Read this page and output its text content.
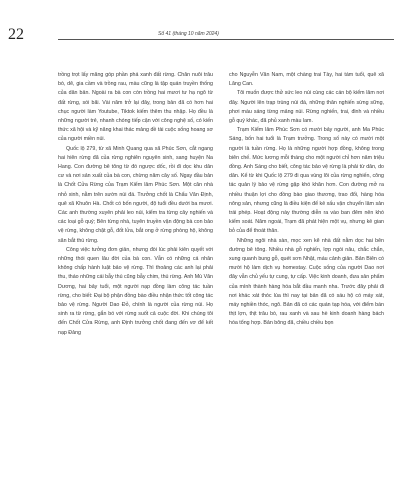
22	Số 41 (tháng 10 năm 2024)

trồng trọt lấy măng góp phần phá xanh đất rừng. Chăn nuôi trâu bò, dê, gia cầm và trồng rau, màu cũng là tập quán truyền thống của dân bản. Ngoài ra bà con còn trồng hai mươi tư hạ ngô từ đất rừng, sói bãi. Vài năm trở lại đây, trong bản đã có hơn hai chục người làm Youtube, Tiktok kiếm thêm thu nhập. Họ đều là những người trẻ, nhanh chóng tiếp cận với công nghệ số, có kiến thức xã hội và kỹ năng khai thác mảng đề tài cuộc sống hoang sơ của người miền núi.

Quốc lộ 279, từ xã Minh Quang qua xã Phúc Sơn, cắt ngang hai hiên rừng đã của rừng nghiên nguyên sinh, sang huyện Na Hang. Con đường bê tông từ đó ngược dốc, rồi đi dọc khu dân cư và nơi sản xuất của bà con, chừng năm cây số. Ngay đầu bản là Chốt Cửa Rừng của Trạm Kiểm lâm Phúc Sơn. Một căn nhà nhỏ xinh, nằm trên sườn núi đá. Trưởng chốt là Chẩu Văn Định, quê xã Khuôn Hà. Chốt có bốn người, độ tuổi đều dưới ba mươi. Các anh thường xuyên phải leo núi, kiểm tra từng cây nghiến và các loại gỗ quý; Bên từng nhà, tuyên truyền vận động bà con bảo vệ rừng, không chặt gỗ, đốt lửa, bắt ong ở rừng phòng hộ, không săn bắt thú rừng.

Công việc tưởng đơn giản, nhưng đòi lúc phải kiên quyết với những thói quen lâu đời của bà con. Vẫn có những cá nhân không chấp hành luật bảo vệ rừng. Thì thoảng các anh lại phải thu, tháo những cái bẫy thú cũng bẫy chim, thú rừng. Anh Mù Văn Dương, hai bảy tuổi, một người nạp đồng làm công tác tuần rừng, cho biết: Đại bộ phận đồng bào điều nhận thức tốt công tác bảo vệ rừng. Người Dao Đỏ, chính là người của rừng núi. Họ sinh ra từ rừng, gắn bó với rừng suốt cả cuộc đời. Khi chúng tôi đến Chốt Cửa Rừng, anh Định trưởng chốt đang đến vơ để kết nạp Đảng

cho Nguyễn Văn Nam, một chàng trai Tày, hai tám tuổi, quê xã Lăng Can.

Tôi muốn được thử sức leo núi cùng các cán bộ kiểm lâm nơi đây. Người lên trạp trùng núi đá, những thân nghiến sừng sững, phơi màu sáng từng mảng núi. Rừng nghiến, trai, đinh và nhiều gỗ quý khác, đã phủ xanh màu lam.

Trạm Kiểm lâm Phúc Sơn có mười bảy người, anh Ma Phúc Sáng, bốn hai tuổi là Trạm trưởng. Trong số này có mười một người là tuần rừng. Họ là những người hợp đồng, không trong biên chế. Mức lương mỗi tháng cho một người chỉ hơn năm triệu đồng. Anh Sáng cho biết, công tác bảo vệ rừng là phải từ dân, do dân. Kể từ khi Quốc lộ 279 đi qua vùng lõi của rừng nghiến, công tác quản lý bảo vệ rừng gặp khó khăn hơn. Con đường mở ra nhiều thuận lợi cho đồng bào giao thương, trao đổi, hàng hóa nông sản, nhưng cũng là điều kiện để kẻ xấu vận chuyển lâm sản trái phép. Hoạt động này thường diễn ra vào ban đêm nên khó kiểm soát. Năm ngoái, Trạm đã phát hiện một vụ, nhưng kẻ gian bỏ của để thoát thân.

Những ngôi nhà sàn, mọc xen kẽ nhà đất nằm dọc hai bên đường bê tông. Nhiều nhà gỗ nghiến, lợp ngói nâu, chắc chắn, xung quanh bung gỗ, quét sơn Nhật, máu cảnh giản. Bản Biên có mười hộ làm dịch vụ homestay. Cuộc sống của người Dao nơi đây vẫn chủ yếu tự cung, tự cấp. Việc kinh doanh, đưa sản phẩm của mình thành hàng hóa bắt đầu manh nha. Trước đây phải đi nơi khác xát thóc lúa thì nay tại bản đã có sáu hộ có máy xát, máy nghiền thóc, ngô. Bản đã có các quán tạp hóa, với điểm bán thịt lợn, thịt trâu bò, rau xanh và sau hè kinh doanh hàng bách hóa tổng hợp. Bản bông đã, chiều chiều bọn
